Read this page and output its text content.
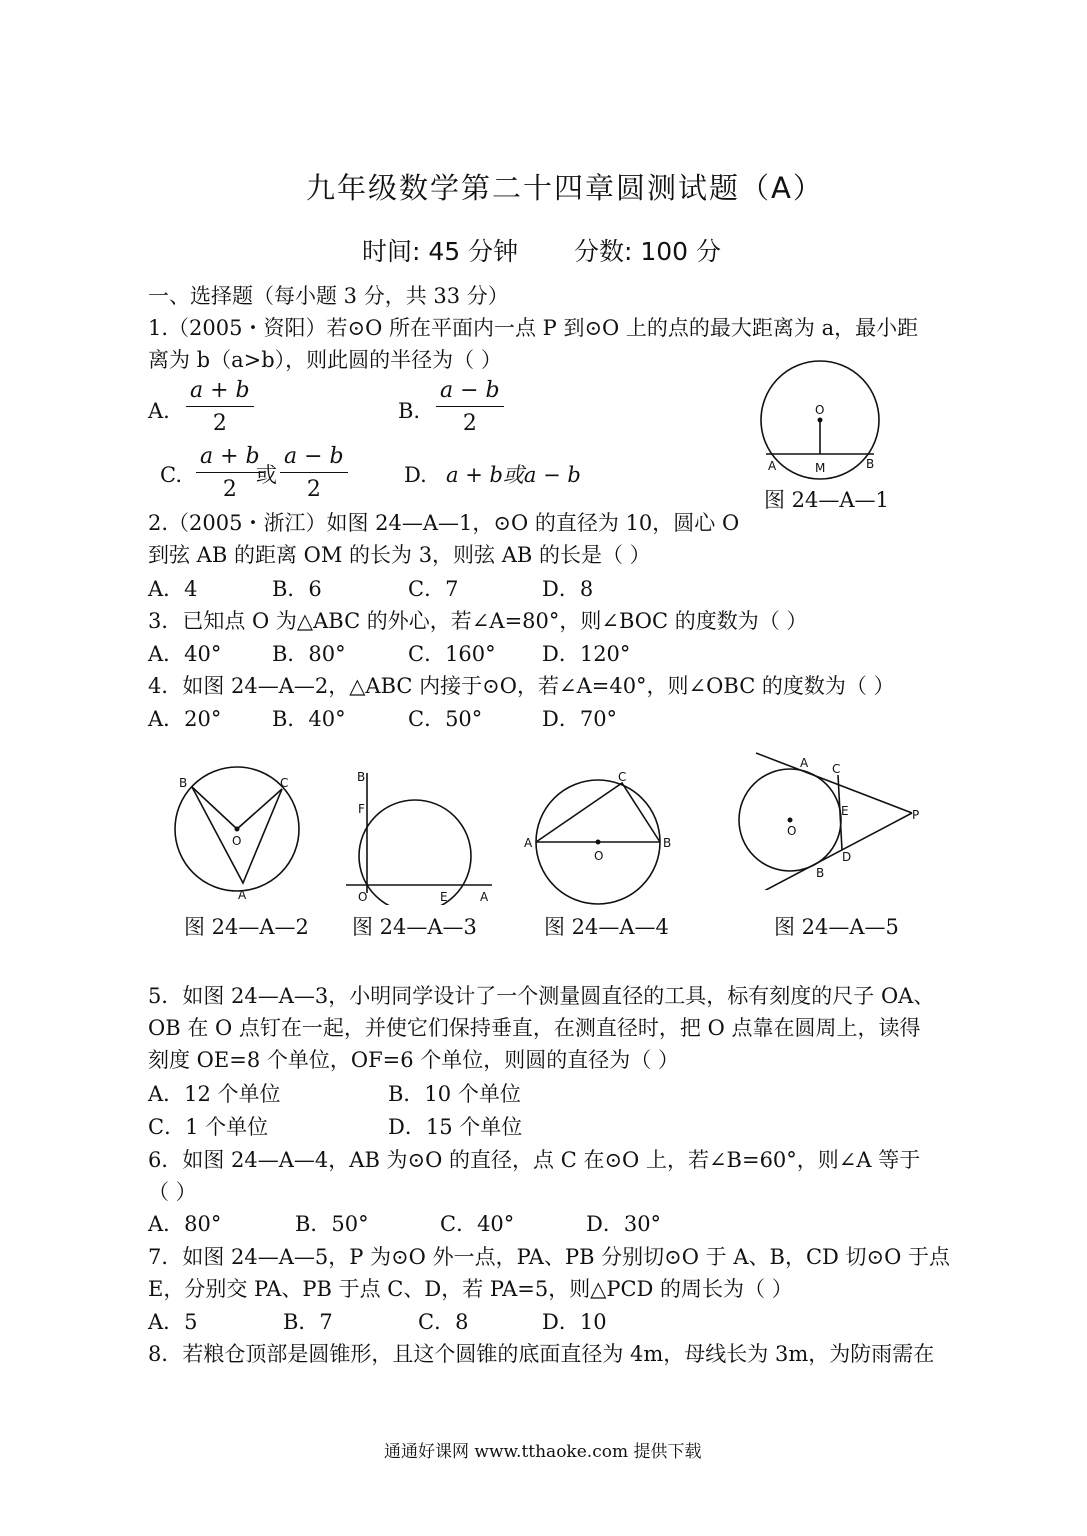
九年级数学第二十四章圆测试题（A）
时间: 45 分钟 分数: 100 分
一、选择题（每小题 3 分，共 33 分）
1.（2005・资阳）若⊙O 所在平面内一点 P 到⊙O 上的点的最大距离为 a，最小距
离为 b（a>b），则此圆的半径为（ ）
A. $\frac{a + b}{2}$	B. $\frac{a - b}{2}$
C. $\frac{a + b}{2}$
或 $\frac{a - b}{2}$	D. a + b或a − b
O
A	M	B
图 24—A—1
2.（2005・浙江）如图 24—A—1，⊙O 的直径为 10，圆心 O
到弦 AB 的距离 OM 的长为 3，则弦 AB 的长是（ ）
A．4	B．6	C．7	D．8
3．已知点 O 为△ABC 的外心，若∠A=80°，则∠BOC 的度数为（ ）
A．40° B．80°	C．160° D．120°
4．如图 24—A—2，△ABC 内接于⊙O，若∠A=40°，则∠OBC 的度数为（ ）
A．20° B．40°	C．50°	D．70°
B	C
O
A
图 24—A—2
B
F
O	E	A
图 24—A—3
C
A
O
B
图 24—A—4
A C
P
E
O
D
B
图 24—A—5
5．如图 24—A—3，小明同学设计了一个测量圆直径的工具，标有刻度的尺子 OA、
OB 在 O 点钉在一起，并使它们保持垂直，在测直径时，把 O 点靠在圆周上，读得
刻度 OE=8 个单位，OF=6 个单位，则圆的直径为（ ）
A．12 个单位	B．10 个单位
C．1 个单位	D．15 个单位
6．如图 24—A—4，AB 为⊙O 的直径，点 C 在⊙O 上，若∠B=60°，则∠A 等于
（ ）
A．80°	B．50°	C．40°	D．30°
7．如图 24—A—5，P 为⊙O 外一点，PA、PB 分别切⊙O 于 A、B，CD 切⊙O 于点
E，分别交 PA、PB 于点 C、D，若 PA=5，则△PCD 的周长为（ ）
A．5	B．7	C．8	D．10
8．若粮仓顶部是圆锥形，且这个圆锥的底面直径为 4m，母线长为 3m，为防雨需在
通通好课网 www.tthaoke.com 提供下载
